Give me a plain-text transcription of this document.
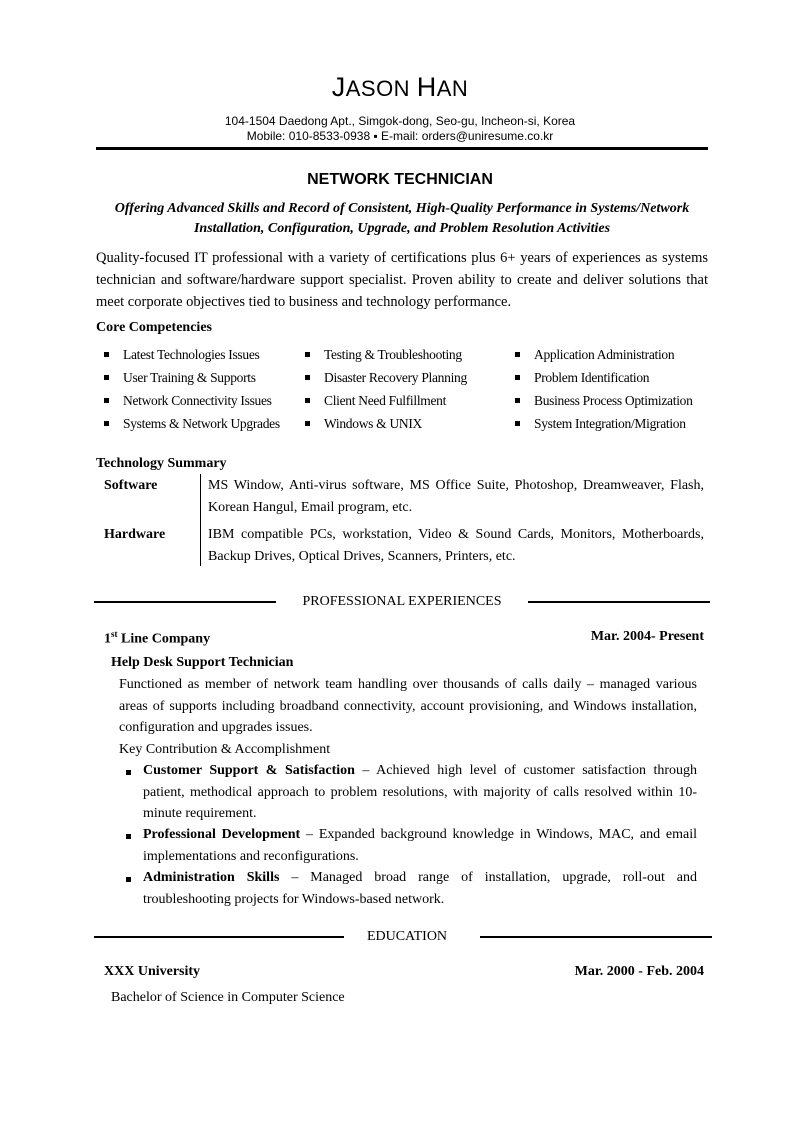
JASON HAN
104-1504 Daedong Apt., Simgok-dong, Seo-gu, Incheon-si, Korea
Mobile: 010-8533-0938 ▪ E-mail: orders@uniresume.co.kr
NETWORK TECHNICIAN
Offering Advanced Skills and Record of Consistent, High-Quality Performance in Systems/Network Installation, Configuration, Upgrade, and Problem Resolution Activities
Quality-focused IT professional with a variety of certifications plus 6+ years of experiences as systems technician and software/hardware support specialist. Proven ability to create and deliver solutions that meet corporate objectives tied to business and technology performance.
Core Competencies
Latest Technologies Issues
User Training & Supports
Network Connectivity Issues
Systems & Network Upgrades
Testing & Troubleshooting
Disaster Recovery Planning
Client Need Fulfillment
Windows & UNIX
Application Administration
Problem Identification
Business Process Optimization
System Integration/Migration
Technology Summary
Software	MS Window, Anti-virus software, MS Office Suite, Photoshop, Dreamweaver, Flash, Korean Hangul, Email program, etc.
Hardware	IBM compatible PCs, workstation, Video & Sound Cards, Monitors, Motherboards, Backup Drives, Optical Drives, Scanners, Printers, etc.
PROFESSIONAL EXPERIENCES
1st Line Company	Mar. 2004- Present
Help Desk Support Technician
Functioned as member of network team handling over thousands of calls daily – managed various areas of supports including broadband connectivity, account provisioning, and Windows installation, configuration and upgrades issues.
Key Contribution & Accomplishment
Customer Support & Satisfaction – Achieved high level of customer satisfaction through patient, methodical approach to problem resolutions, with majority of calls resolved within 10-minute requirement.
Professional Development – Expanded background knowledge in Windows, MAC, and email implementations and reconfigurations.
Administration Skills – Managed broad range of installation, upgrade, roll-out and troubleshooting projects for Windows-based network.
EDUCATION
XXX University	Mar. 2000 - Feb. 2004
Bachelor of Science in Computer Science
